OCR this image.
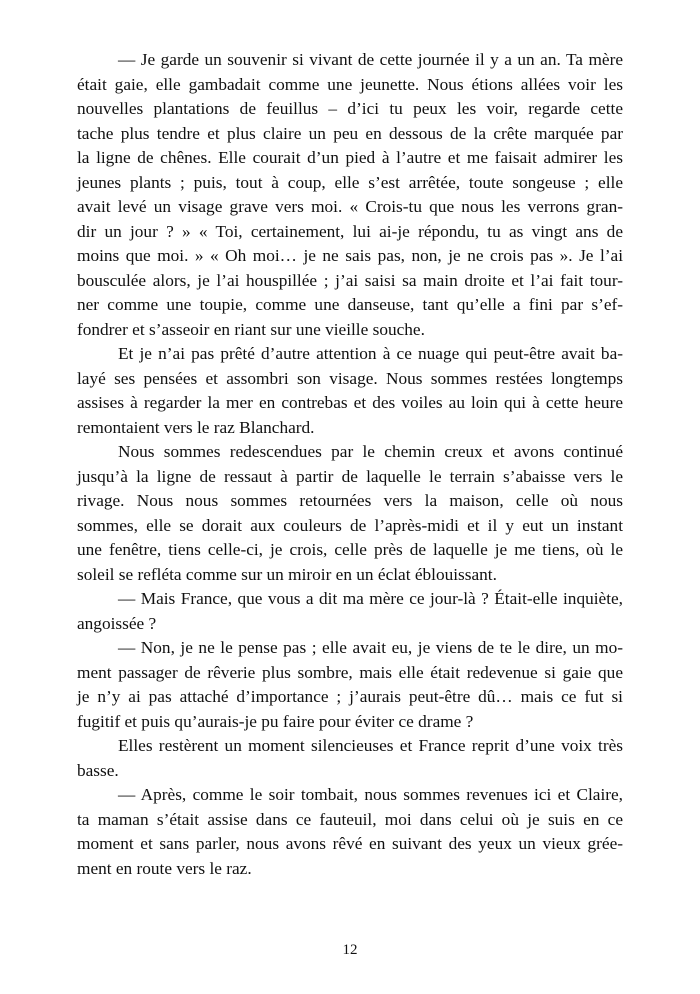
— Je garde un souvenir si vivant de cette journée il y a un an. Ta mère
était gaie, elle gambadait comme une jeunette. Nous étions allées voir les
nouvelles plantations de feuillus – d’ici tu peux les voir, regarde cette
tache plus tendre et plus claire un peu en dessous de la crête marquée par
la ligne de chênes. Elle courait d’un pied à l’autre et me faisait admirer les
jeunes plants ; puis, tout à coup, elle s’est arrêtée, toute songeuse ; elle
avait levé un visage grave vers moi. « Crois-tu que nous les verrons gran-
dir un jour ? » « Toi, certainement, lui ai-je répondu, tu as vingt ans de
moins que moi. » « Oh moi… je ne sais pas, non, je ne crois pas ». Je l’ai
bousculée alors, je l’ai houspillée ; j’ai saisi sa main droite et l’ai fait tour-
ner comme une toupie, comme une danseuse, tant qu’elle a fini par s’ef-
fondrer et s’asseoir en riant sur une vieille souche.
Et je n’ai pas prêté d’autre attention à ce nuage qui peut-être avait ba-
layé ses pensées et assombri son visage. Nous sommes restées longtemps
assises à regarder la mer en contrebas et des voiles au loin qui à cette heure
remontaient vers le raz Blanchard.
Nous sommes redescendues par le chemin creux et avons continué
jusqu’à la ligne de ressaut à partir de laquelle le terrain s’abaisse vers le
rivage. Nous nous sommes retournées vers la maison, celle où nous
sommes, elle se dorait aux couleurs de l’après-midi et il y eut un instant
une fenêtre, tiens celle-ci, je crois, celle près de laquelle je me tiens, où le
soleil se refléta comme sur un miroir en un éclat éblouissant.
— Mais France, que vous a dit ma mère ce jour-là ? Était-elle inquiète,
angoissée ?
— Non, je ne le pense pas ; elle avait eu, je viens de te le dire, un mo-
ment passager de rêverie plus sombre, mais elle était redevenue si gaie que
je n’y ai pas attaché d’importance ; j’aurais peut-être dû… mais ce fut si
fugitif et puis qu’aurais-je pu faire pour éviter ce drame ?
Elles restèrent un moment silencieuses et France reprit d’une voix très
basse.
— Après, comme le soir tombait, nous sommes revenues ici et Claire,
ta maman s’était assise dans ce fauteuil, moi dans celui où je suis en ce
moment et sans parler, nous avons rêvé en suivant des yeux un vieux grée-
ment en route vers le raz.
12
